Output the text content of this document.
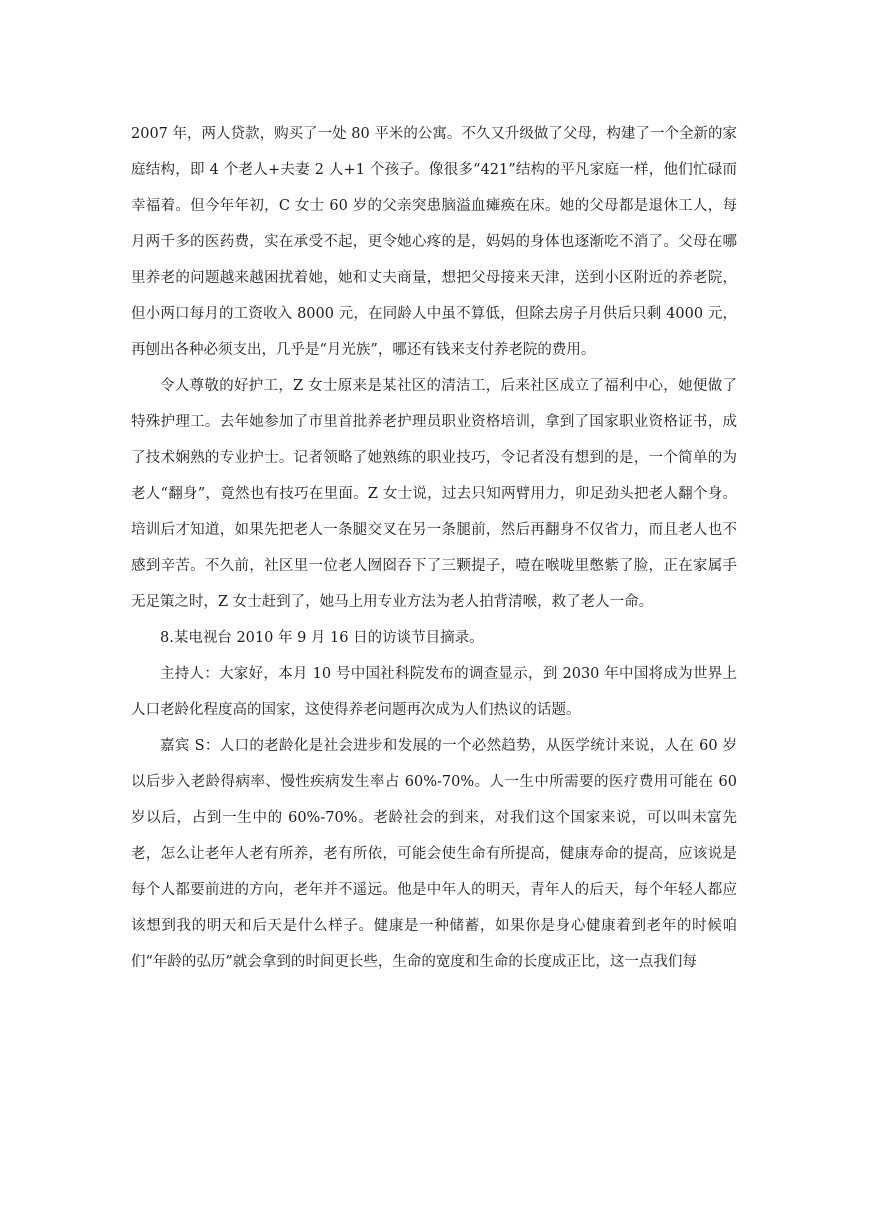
2007 年，两人贷款，购买了一处 80 平米的公寓。不久又升级做了父母，构建了一个全新的家庭结构，即 4 个老人+夫妻 2 人+1 个孩子。像很多“421”结构的平凡家庭一样，他们忙碌而幸福着。但今年年初，C 女士 60 岁的父亲突患脑溢血瘫痪在床。她的父母都是退休工人，每月两千多的医药费，实在承受不起，更令她心疼的是，妈妈的身体也逐渐吃不消了。父母在哪里养老的问题越来越困扰着她，她和丈夫商量，想把父母接来天津，送到小区附近的养老院，但小两口每月的工资收入 8000 元，在同龄人中虽不算低，但除去房子月供后只剩 4000 元，再刨出各种必须支出，几乎是“月光族”，哪还有钱来支付养老院的费用。

令人尊敬的好护工，Z 女士原来是某社区的清洁工，后来社区成立了福利中心，她便做了特殊护理工。去年她参加了市里首批养老护理员职业资格培训，拿到了国家职业资格证书，成了技术娴熟的专业护士。记者领略了她熟练的职业技巧，令记者没有想到的是，一个简单的为老人“翻身”，竟然也有技巧在里面。Z 女士说，过去只知两臂用力，卯足劲头把老人翻个身。培训后才知道，如果先把老人一条腿交叉在另一条腿前，然后再翻身不仅省力，而且老人也不感到辛苦。不久前，社区里一位老人囫囵吞下了三颗提子，噎在喉咙里憋紫了脸，正在家属手无足策之时，Z 女士赶到了，她马上用专业方法为老人拍背清喉，救了老人一命。

8.某电视台 2010 年 9 月 16 日的访谈节目摘录。

主持人：大家好，本月 10 号中国社科院发布的调查显示，到 2030 年中国将成为世界上人口老龄化程度高的国家，这使得养老问题再次成为人们热议的话题。

嘉宾 S：人口的老龄化是社会进步和发展的一个必然趋势，从医学统计来说，人在 60 岁以后步入老龄得病率、慢性疾病发生率占 60%-70%。人一生中所需要的医疗费用可能在 60 岁以后，占到一生中的 60%-70%。老龄社会的到来，对我们这个国家来说，可以叫未富先老，怎么让老年人老有所养，老有所依，可能会使生命有所提高，健康寿命的提高，应该说是每个人都要前进的方向，老年并不遥远。他是中年人的明天，青年人的后天，每个年轻人都应该想到我的明天和后天是什么样子。健康是一种储蓄，如果你是身心健康着到老年的时候咱们“年龄的弘历”就会拿到的时间更长些，生命的宽度和生命的长度成正比，这一点我们每
